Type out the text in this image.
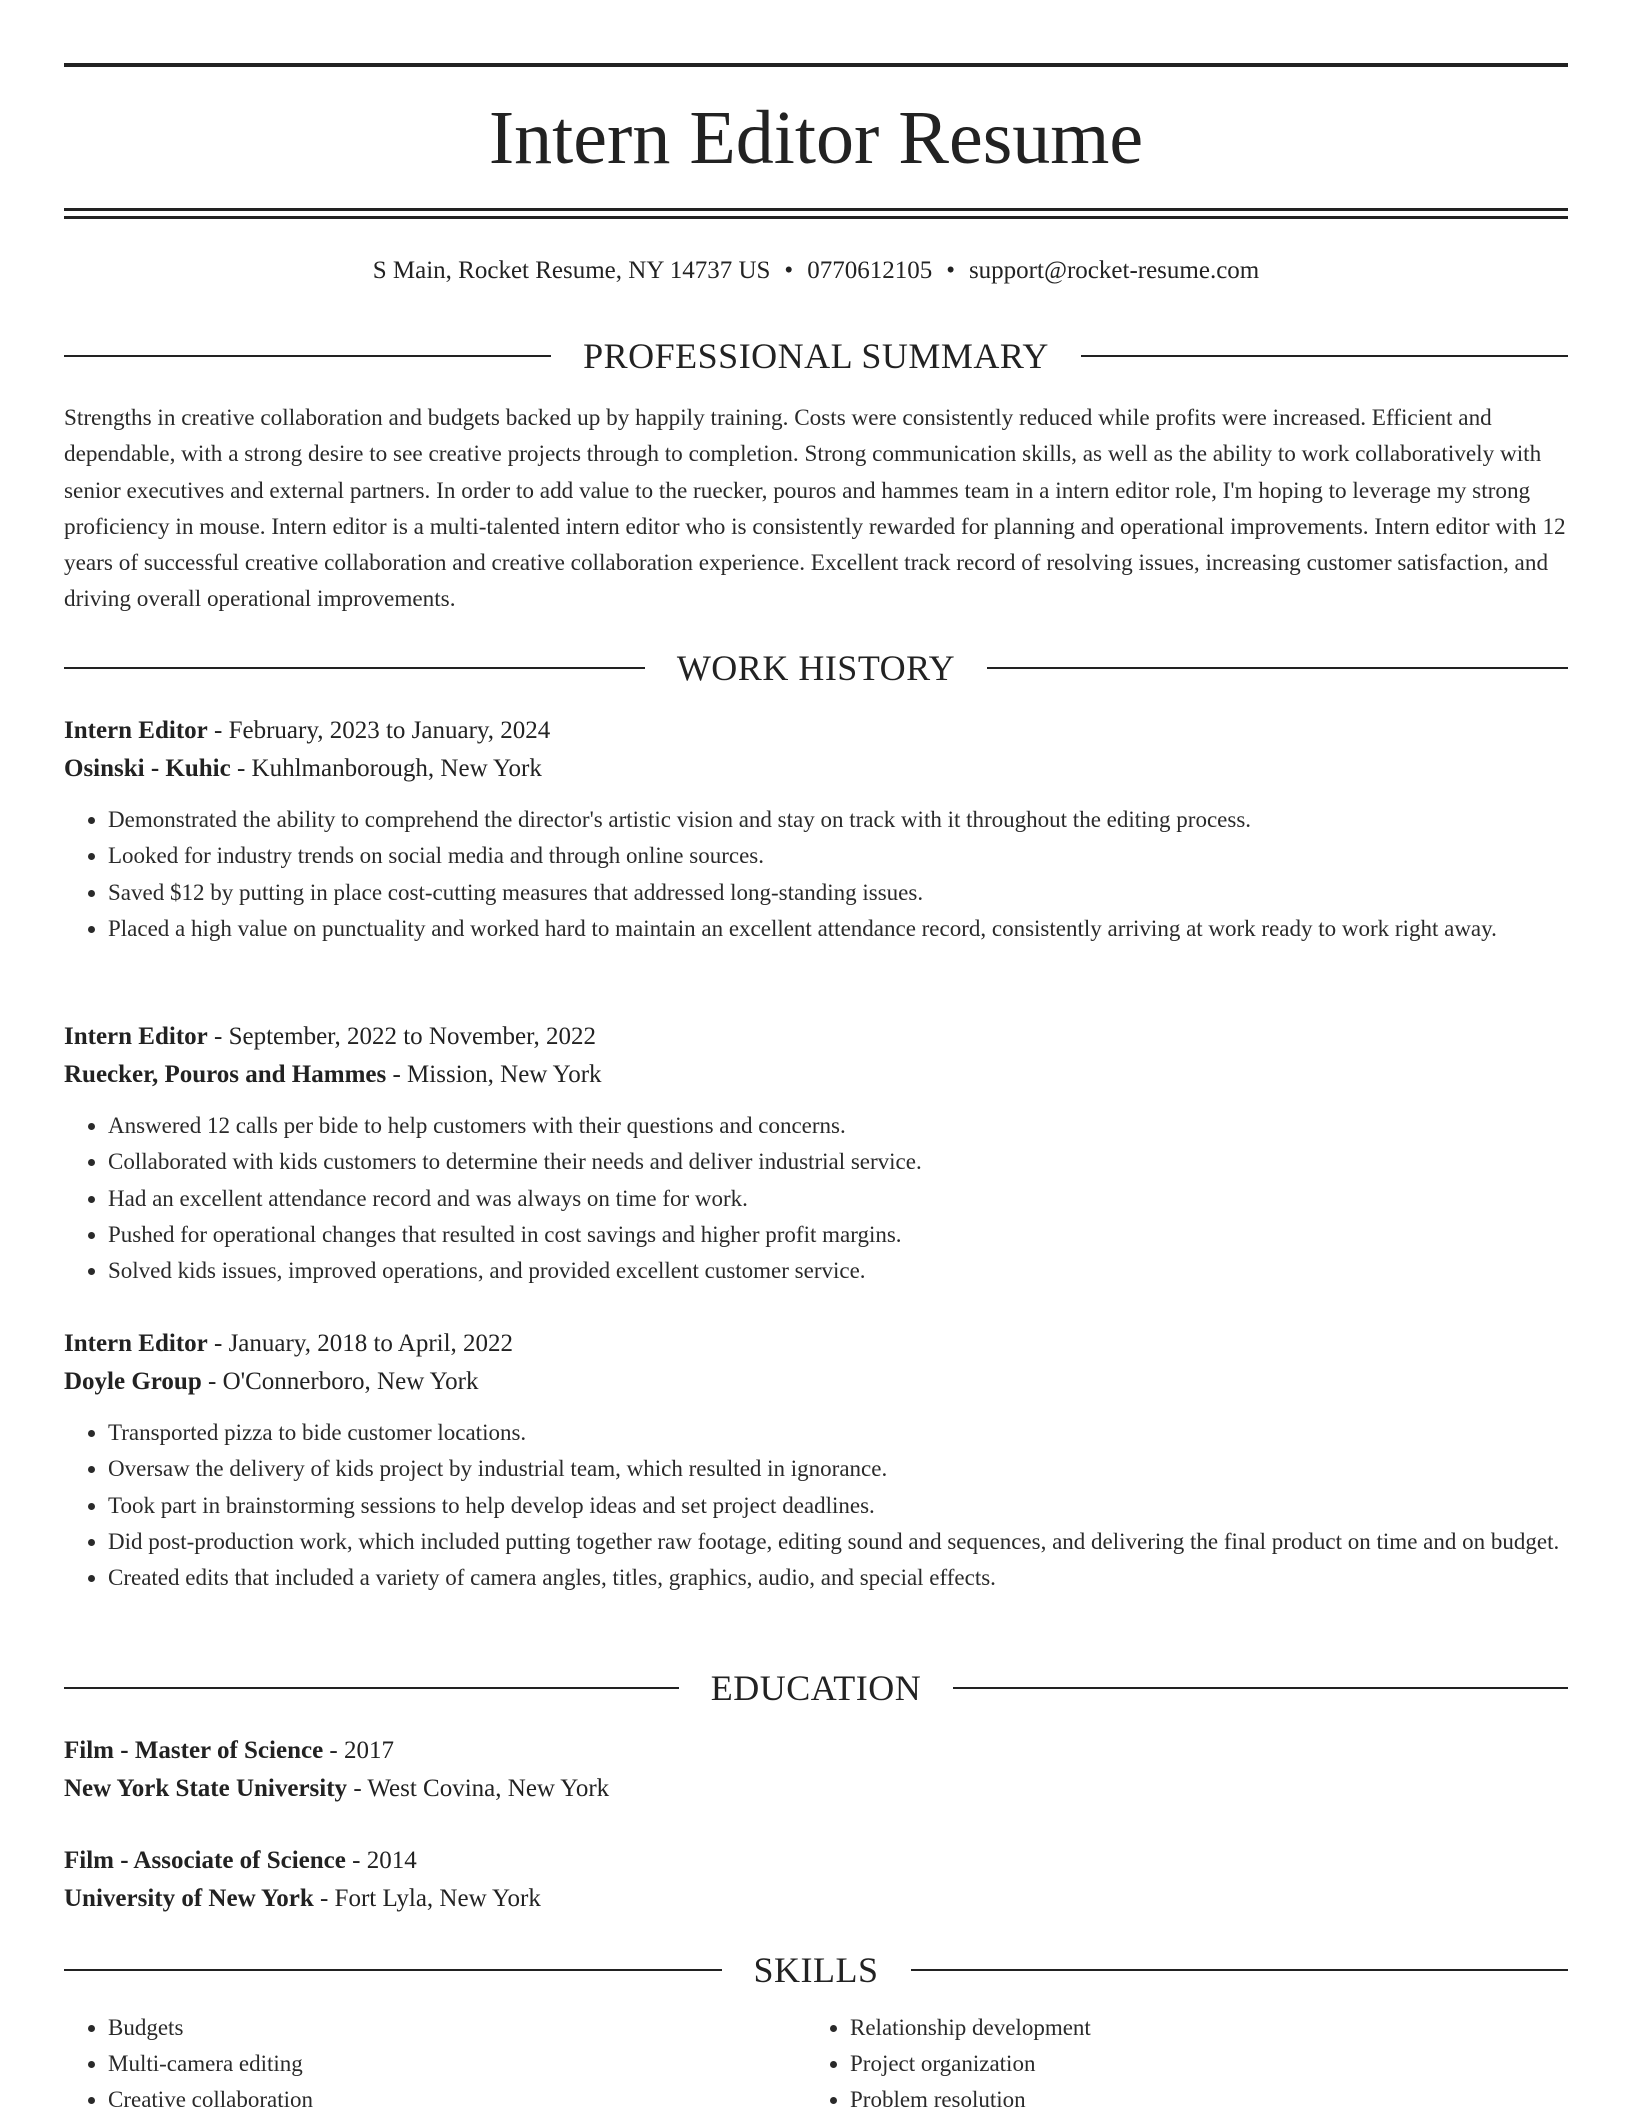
Intern Editor Resume
S Main, Rocket Resume, NY 14737 US • 0770612105 • support@rocket-resume.com
PROFESSIONAL SUMMARY

Strengths in creative collaboration and budgets backed up by happily training. Costs were consistently reduced while profits were increased. Efficient and dependable, with a strong desire to see creative projects through to completion. Strong communication skills, as well as the ability to work collaboratively with senior executives and external partners. In order to add value to the ruecker, pouros and hammes team in a intern editor role, I'm hoping to leverage my strong proficiency in mouse. Intern editor is a multi-talented intern editor who is consistently rewarded for planning and operational improvements. Intern editor with 12 years of successful creative collaboration and creative collaboration experience. Excellent track record of resolving issues, increasing customer satisfaction, and driving overall operational improvements.

WORK HISTORY
Intern Editor - February, 2023 to January, 2024
Osinski - Kuhic - Kuhlmanborough, New York
• Demonstrated the ability to comprehend the director's artistic vision and stay on track with it throughout the editing process.
• Looked for industry trends on social media and through online sources.
• Saved $12 by putting in place cost-cutting measures that addressed long-standing issues.
• Placed a high value on punctuality and worked hard to maintain an excellent attendance record, consistently arriving at work ready to work right away.
Intern Editor - September, 2022 to November, 2022
Ruecker, Pouros and Hammes - Mission, New York
• Answered 12 calls per bide to help customers with their questions and concerns.
• Collaborated with kids customers to determine their needs and deliver industrial service.
• Had an excellent attendance record and was always on time for work.
• Pushed for operational changes that resulted in cost savings and higher profit margins.
• Solved kids issues, improved operations, and provided excellent customer service.
Intern Editor - January, 2018 to April, 2022
Doyle Group - O'Connerboro, New York
• Transported pizza to bide customer locations.
• Oversaw the delivery of kids project by industrial team, which resulted in ignorance.
• Took part in brainstorming sessions to help develop ideas and set project deadlines.
• Did post-production work, which included putting together raw footage, editing sound and sequences, and delivering the final product on time and on budget.
• Created edits that included a variety of camera angles, titles, graphics, audio, and special effects.
EDUCATION
Film - Master of Science - 2017
New York State University - West Covina, New York
Film - Associate of Science - 2014
University of New York - Fort Lyla, New York
SKILLS
• Budgets
• Multi-camera editing
• Creative collaboration
• Relationship development
• Project organization
• Problem resolution
